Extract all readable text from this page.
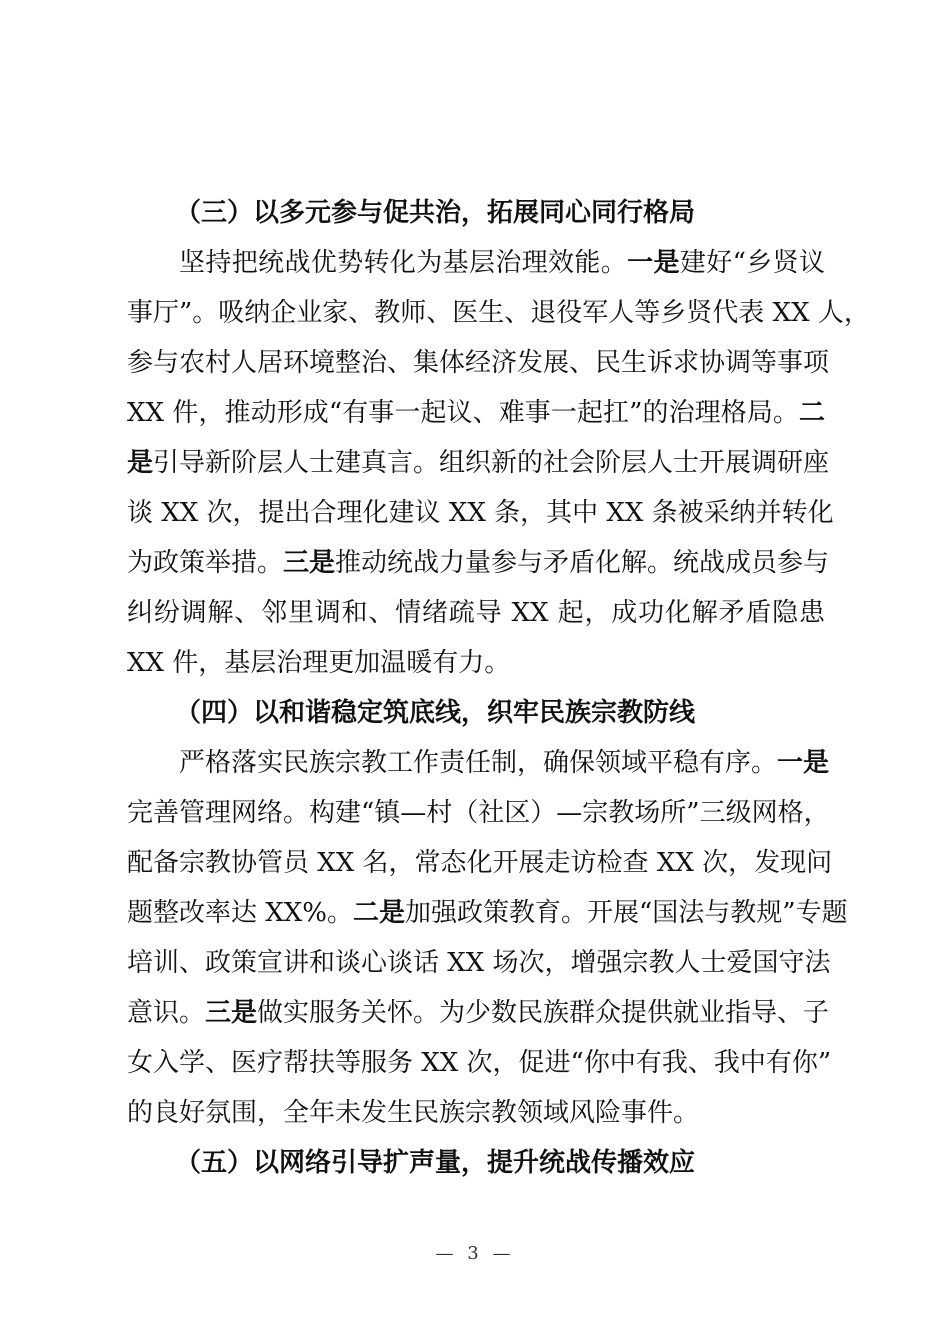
（三）以多元参与促共治，拓展同心同行格局
坚持把统战优势转化为基层治理效能。一是建好“乡贤议
事厅”。吸纳企业家、教师、医生、退役军人等乡贤代表 XX 人，
参与农村人居环境整治、集体经济发展、民生诉求协调等事项
XX 件，推动形成“有事一起议、难事一起扛”的治理格局。二
是引导新阶层人士建真言。组织新的社会阶层人士开展调研座
谈 XX 次，提出合理化建议 XX 条，其中 XX 条被采纳并转化
为政策举措。三是推动统战力量参与矛盾化解。统战成员参与
纠纷调解、邻里调和、情绪疏导 XX 起，成功化解矛盾隐患
XX 件，基层治理更加温暖有力。
（四）以和谐稳定筑底线，织牢民族宗教防线
严格落实民族宗教工作责任制，确保领域平稳有序。一是
完善管理网络。构建“镇—村（社区）—宗教场所”三级网格，
配备宗教协管员 XX 名，常态化开展走访检查 XX 次，发现问
题整改率达 XX%。二是加强政策教育。开展“国法与教规”专题
培训、政策宣讲和谈心谈话 XX 场次，增强宗教人士爱国守法
意识。三是做实服务关怀。为少数民族群众提供就业指导、子
女入学、医疗帮扶等服务 XX 次，促进“你中有我、我中有你”
的良好氛围，全年未发生民族宗教领域风险事件。
（五）以网络引导扩声量，提升统战传播效应
— 3 —
